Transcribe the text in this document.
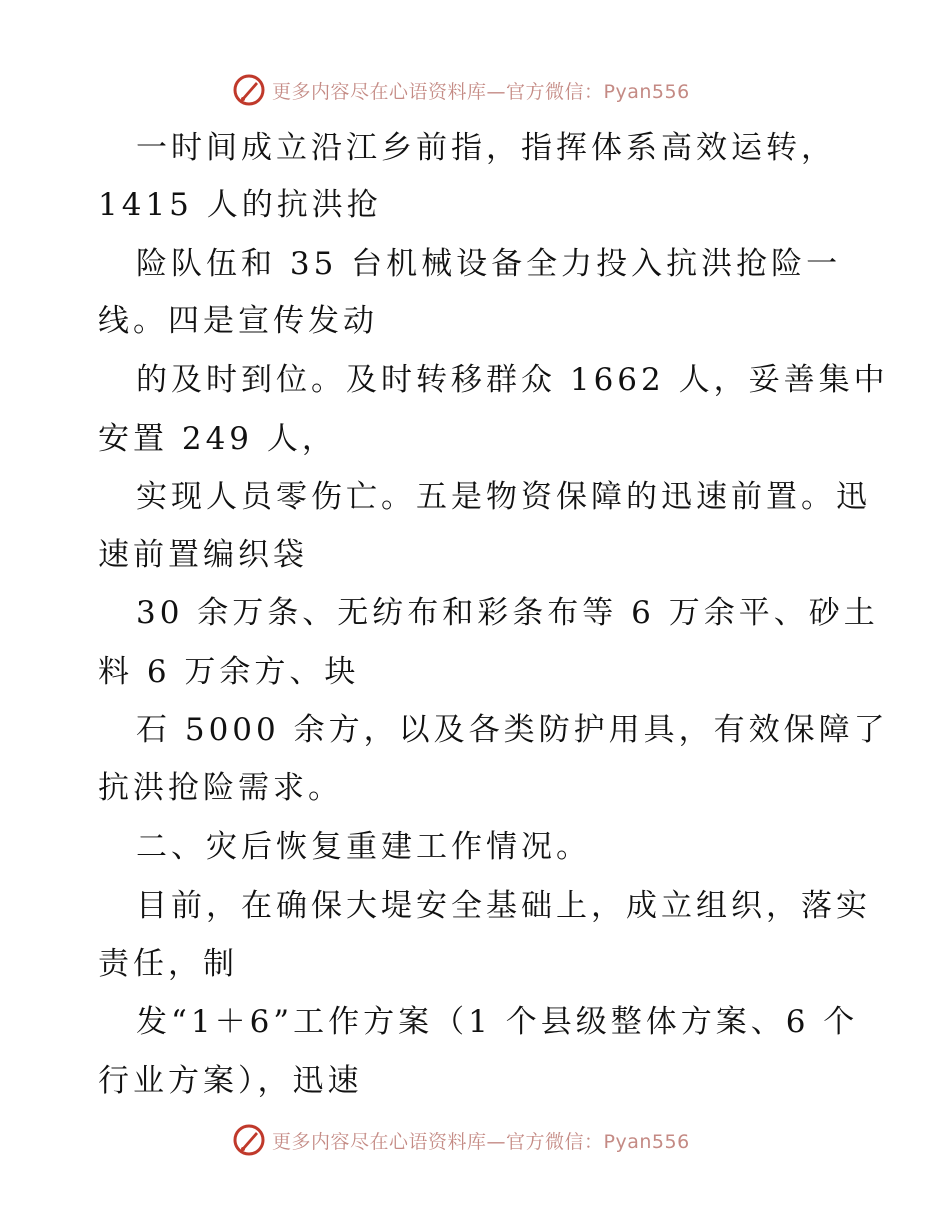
更多内容尽在心语资料库—官方微信：Pyan556
一时间成立沿江乡前指，指挥体系高效运转，
1415 人的抗洪抢
险队伍和 35 台机械设备全力投入抗洪抢险一
线。四是宣传发动
的及时到位。及时转移群众 1662 人，妥善集中
安置 249 人，
实现人员零伤亡。五是物资保障的迅速前置。迅
速前置编织袋
30 余万条、无纺布和彩条布等 6 万余平、砂土
料 6 万余方、块
石 5000 余方，以及各类防护用具，有效保障了
抗洪抢险需求。
二、灾后恢复重建工作情况。
目前，在确保大堤安全基础上，成立组织，落实
责任，制
发“1＋6”工作方案（1 个县级整体方案、6 个
行业方案），迅速
更多内容尽在心语资料库—官方微信：Pyan556
